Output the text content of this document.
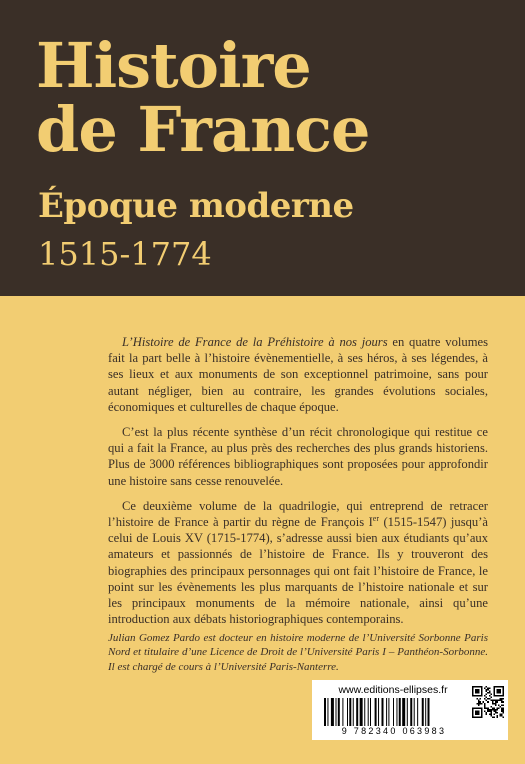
Histoire
de France
Époque moderne
1515-1774

L’Histoire de France de la Préhistoire à nos jours en quatre volumes fait la part belle à l’histoire évènementielle, à ses héros, à ses légendes, à ses lieux et aux monuments de son exceptionnel patrimoine, sans pour autant négliger, bien au contraire, les grandes évolutions sociales, économiques et culturelles de chaque époque.

C’est la plus récente synthèse d’un récit chronologique qui restitue ce qui a fait la France, au plus près des recherches des plus grands historiens. Plus de 3000 références bibliographiques sont proposées pour approfondir une histoire sans cesse renouvelée.

Ce deuxième volume de la quadrilogie, qui entreprend de retracer l’histoire de France à partir du règne de François Ier (1515-1547) jusqu’à celui de Louis XV (1715-1774), s’adresse aussi bien aux étudiants qu’aux amateurs et passionnés de l’histoire de France. Ils y trouveront des biographies des principaux personnages qui ont fait l’histoire de France, le point sur les évènements les plus marquants de l’histoire nationale et sur les principaux monuments de la mémoire nationale, ainsi qu’une introduction aux débats historiographiques contemporains.

Julian Gomez Pardo est docteur en histoire moderne de l’Université Sorbonne Paris Nord et titulaire d’une Licence de Droit de l’Université Paris I – Panthéon-Sorbonne. Il est chargé de cours à l’Université Paris-Nanterre.
www.editions-ellipses.fr
9 782340 063983
